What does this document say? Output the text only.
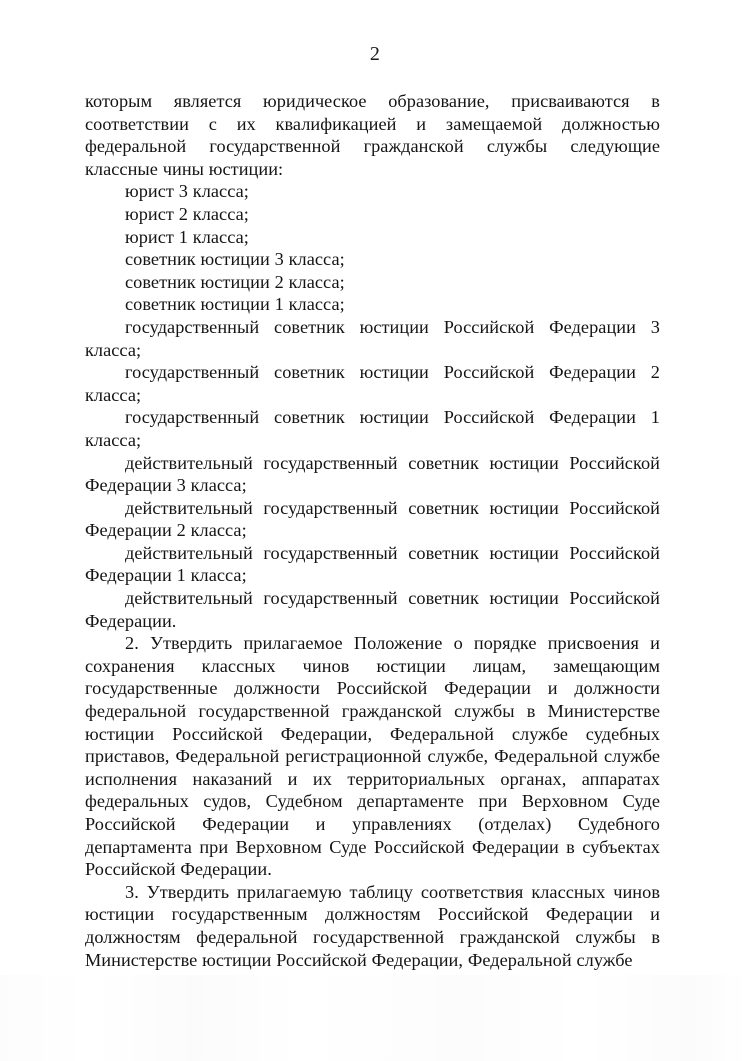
2

которым является юридическое образование, присваиваются в соответствии с их квалификацией и замещаемой должностью федеральной государственной гражданской службы следующие классные чины юстиции:

юрист 3 класса;

юрист 2 класса;

юрист 1 класса;

советник юстиции 3 класса;

советник юстиции 2 класса;

советник юстиции 1 класса;

государственный советник юстиции Российской Федерации 3 класса;

государственный советник юстиции Российской Федерации 2 класса;

государственный советник юстиции Российской Федерации 1 класса;

действительный государственный советник юстиции Российской Федерации 3 класса;

действительный государственный советник юстиции Российской Федерации 2 класса;

действительный государственный советник юстиции Российской Федерации 1 класса;

действительный государственный советник юстиции Российской Федерации.

2. Утвердить прилагаемое Положение о порядке присвоения и сохранения классных чинов юстиции лицам, замещающим государственные должности Российской Федерации и должности федеральной государственной гражданской службы в Министерстве юстиции Российской Федерации, Федеральной службе судебных приставов, Федеральной регистрационной службе, Федеральной службе исполнения наказаний и их территориальных органах, аппаратах федеральных судов, Судебном департаменте при Верховном Суде Российской Федерации и управлениях (отделах) Судебного департамента при Верховном Суде Российской Федерации в субъектах Российской Федерации.

3. Утвердить прилагаемую таблицу соответствия классных чинов юстиции государственным должностям Российской Федерации и должностям федеральной государственной гражданской службы в Министерстве юстиции Российской Федерации, Федеральной службе
